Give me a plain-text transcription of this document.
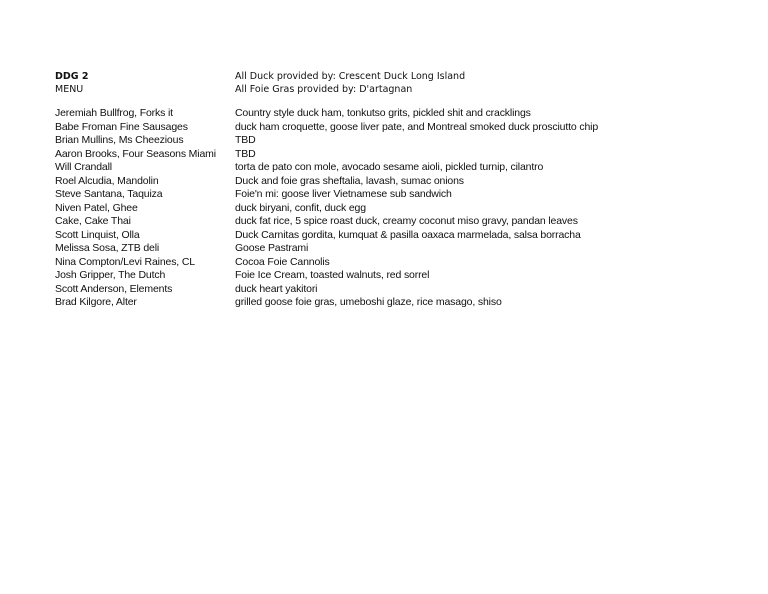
DDG 2	All Duck provided by: Crescent Duck Long Island
MENU	All Foie Gras provided by: D'artagnan
Jeremiah Bullfrog, Forks it	Country style duck ham, tonkutso grits, pickled shit and cracklings
Babe Froman Fine Sausages	duck ham croquette, goose liver pate, and Montreal smoked duck prosciutto chip
Brian Mullins, Ms Cheezious	TBD
Aaron Brooks, Four Seasons Miami	TBD
Will Crandall	torta de pato con mole, avocado sesame aioli, pickled turnip, cilantro
Roel Alcudia, Mandolin	Duck and foie gras sheftalia, lavash, sumac onions
Steve Santana, Taquiza	Foie'n mi: goose liver Vietnamese sub sandwich
Niven Patel, Ghee	duck biryani, confit, duck egg
Cake, Cake Thai	duck fat rice, 5 spice roast duck, creamy coconut miso gravy, pandan leaves
Scott Linquist, Olla	Duck Carnitas gordita, kumquat & pasilla oaxaca marmelada, salsa borracha
Melissa Sosa, ZTB deli	Goose Pastrami
Nina Compton/Levi Raines, CL	Cocoa Foie Cannolis
Josh Gripper, The Dutch	Foie Ice Cream, toasted walnuts, red sorrel
Scott Anderson, Elements	duck heart yakitori
Brad Kilgore, Alter	grilled goose foie gras, umeboshi glaze, rice masago, shiso
